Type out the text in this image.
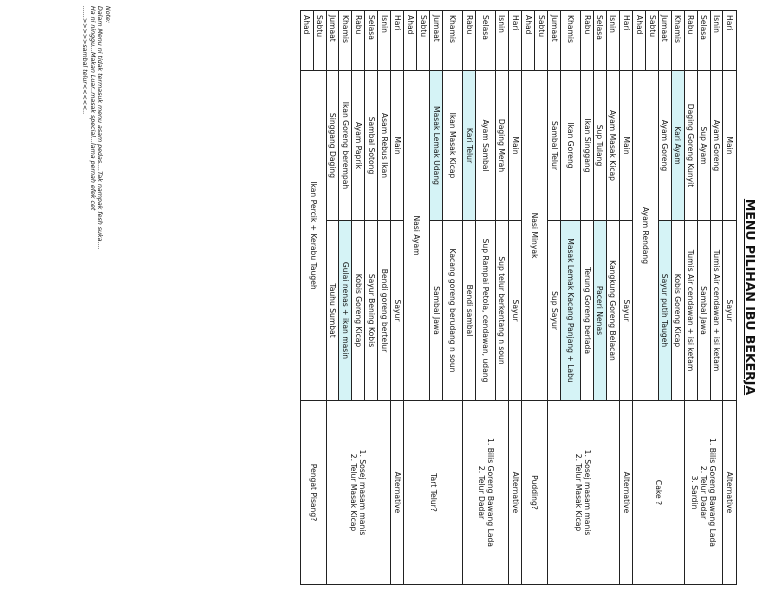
MENU PILIHAN IBU BEKERJA
Hari	Main	Sayur	Alternative
Isnin	Ayam Goreng	Tumis Air cendawan + isi ketam	1. Bilis Goreng Bawang Lada
2. Telur Dadar
3. Sardin

Selasa	Sup Ayam	Sambal Jawa	
Rabu	Daging Goreng Kunyit	Tumis Air cendawan + isi ketam	
Khamis	Kari Ayam	Kobis Goreng Kicap	Cake ?
Jumaat	Ayam Goreng	Sayur putih Taugeh	
Sabtu	Ayam Rendang		
Ahad			
Hari	Main	Sayur	Alternative
Isnin	Ayam Masak Kicap	Kangkung Goreng Belacan	1. Sosej masam manis
2. Telur Masak Kicap

Selasa	Sup Tulang	Paceri Nenas	
Rabu	Ikan Singgang	Terung Goreng berlada	
Khamis	Ikan Goreng	Masak Lemak Kacang Panjang + Labu	
Jumaat	Sambal Telur	Sup Sayur	
Sabtu	Nasi Minyak		Pudding?
Ahad			
Hari	Main	Sayur	Alternative
Isnin	Daging Merah	Sup telur berkentang n soun	1. Bilis Goreng Bawang Lada
2. Telur Dadar

Selasa	Ayam Sambal	Sup Rampai Petola, cendawan, udang	
Rabu	Kari Telur	Bendi sambal	
Khamis	Ikan Masak Kicap	Kacang goreng berudang n soun	Tart Telur?
Jumaat	Masak Lemak Udang	Sambal Jawa	
Sabtu	Nasi Ayam		
Ahad			
Hari	Main	Sayur	Alternative
Isnin	Asam Rebus Ikan	Bendi goreng bertelur	1. Sosej masam manis
2. Telur Masak Kicap

Selasa	Sambal Sotong	Sayur Bening Kobis	
Rabu	Ayam Paprik	Kobis Goreng Kicap	
Khamis	Ikan Goreng berempah	Gulai nenas + ikan masin	
Jumaat	Singgang Daging	Tauhu Sumbat	
Sabtu	Ikan Percik + Kerabu Taugeh		Pengat Pisang?
Ahad			
Note:
Dalam Menu ni tidak termasuk menu asam pedas....Tak nampak fesh suka....
Ha ni ninggu...Makan Luar..masak special...lama pernah efek cet
......>>>>>sambal telur<<<<<..
